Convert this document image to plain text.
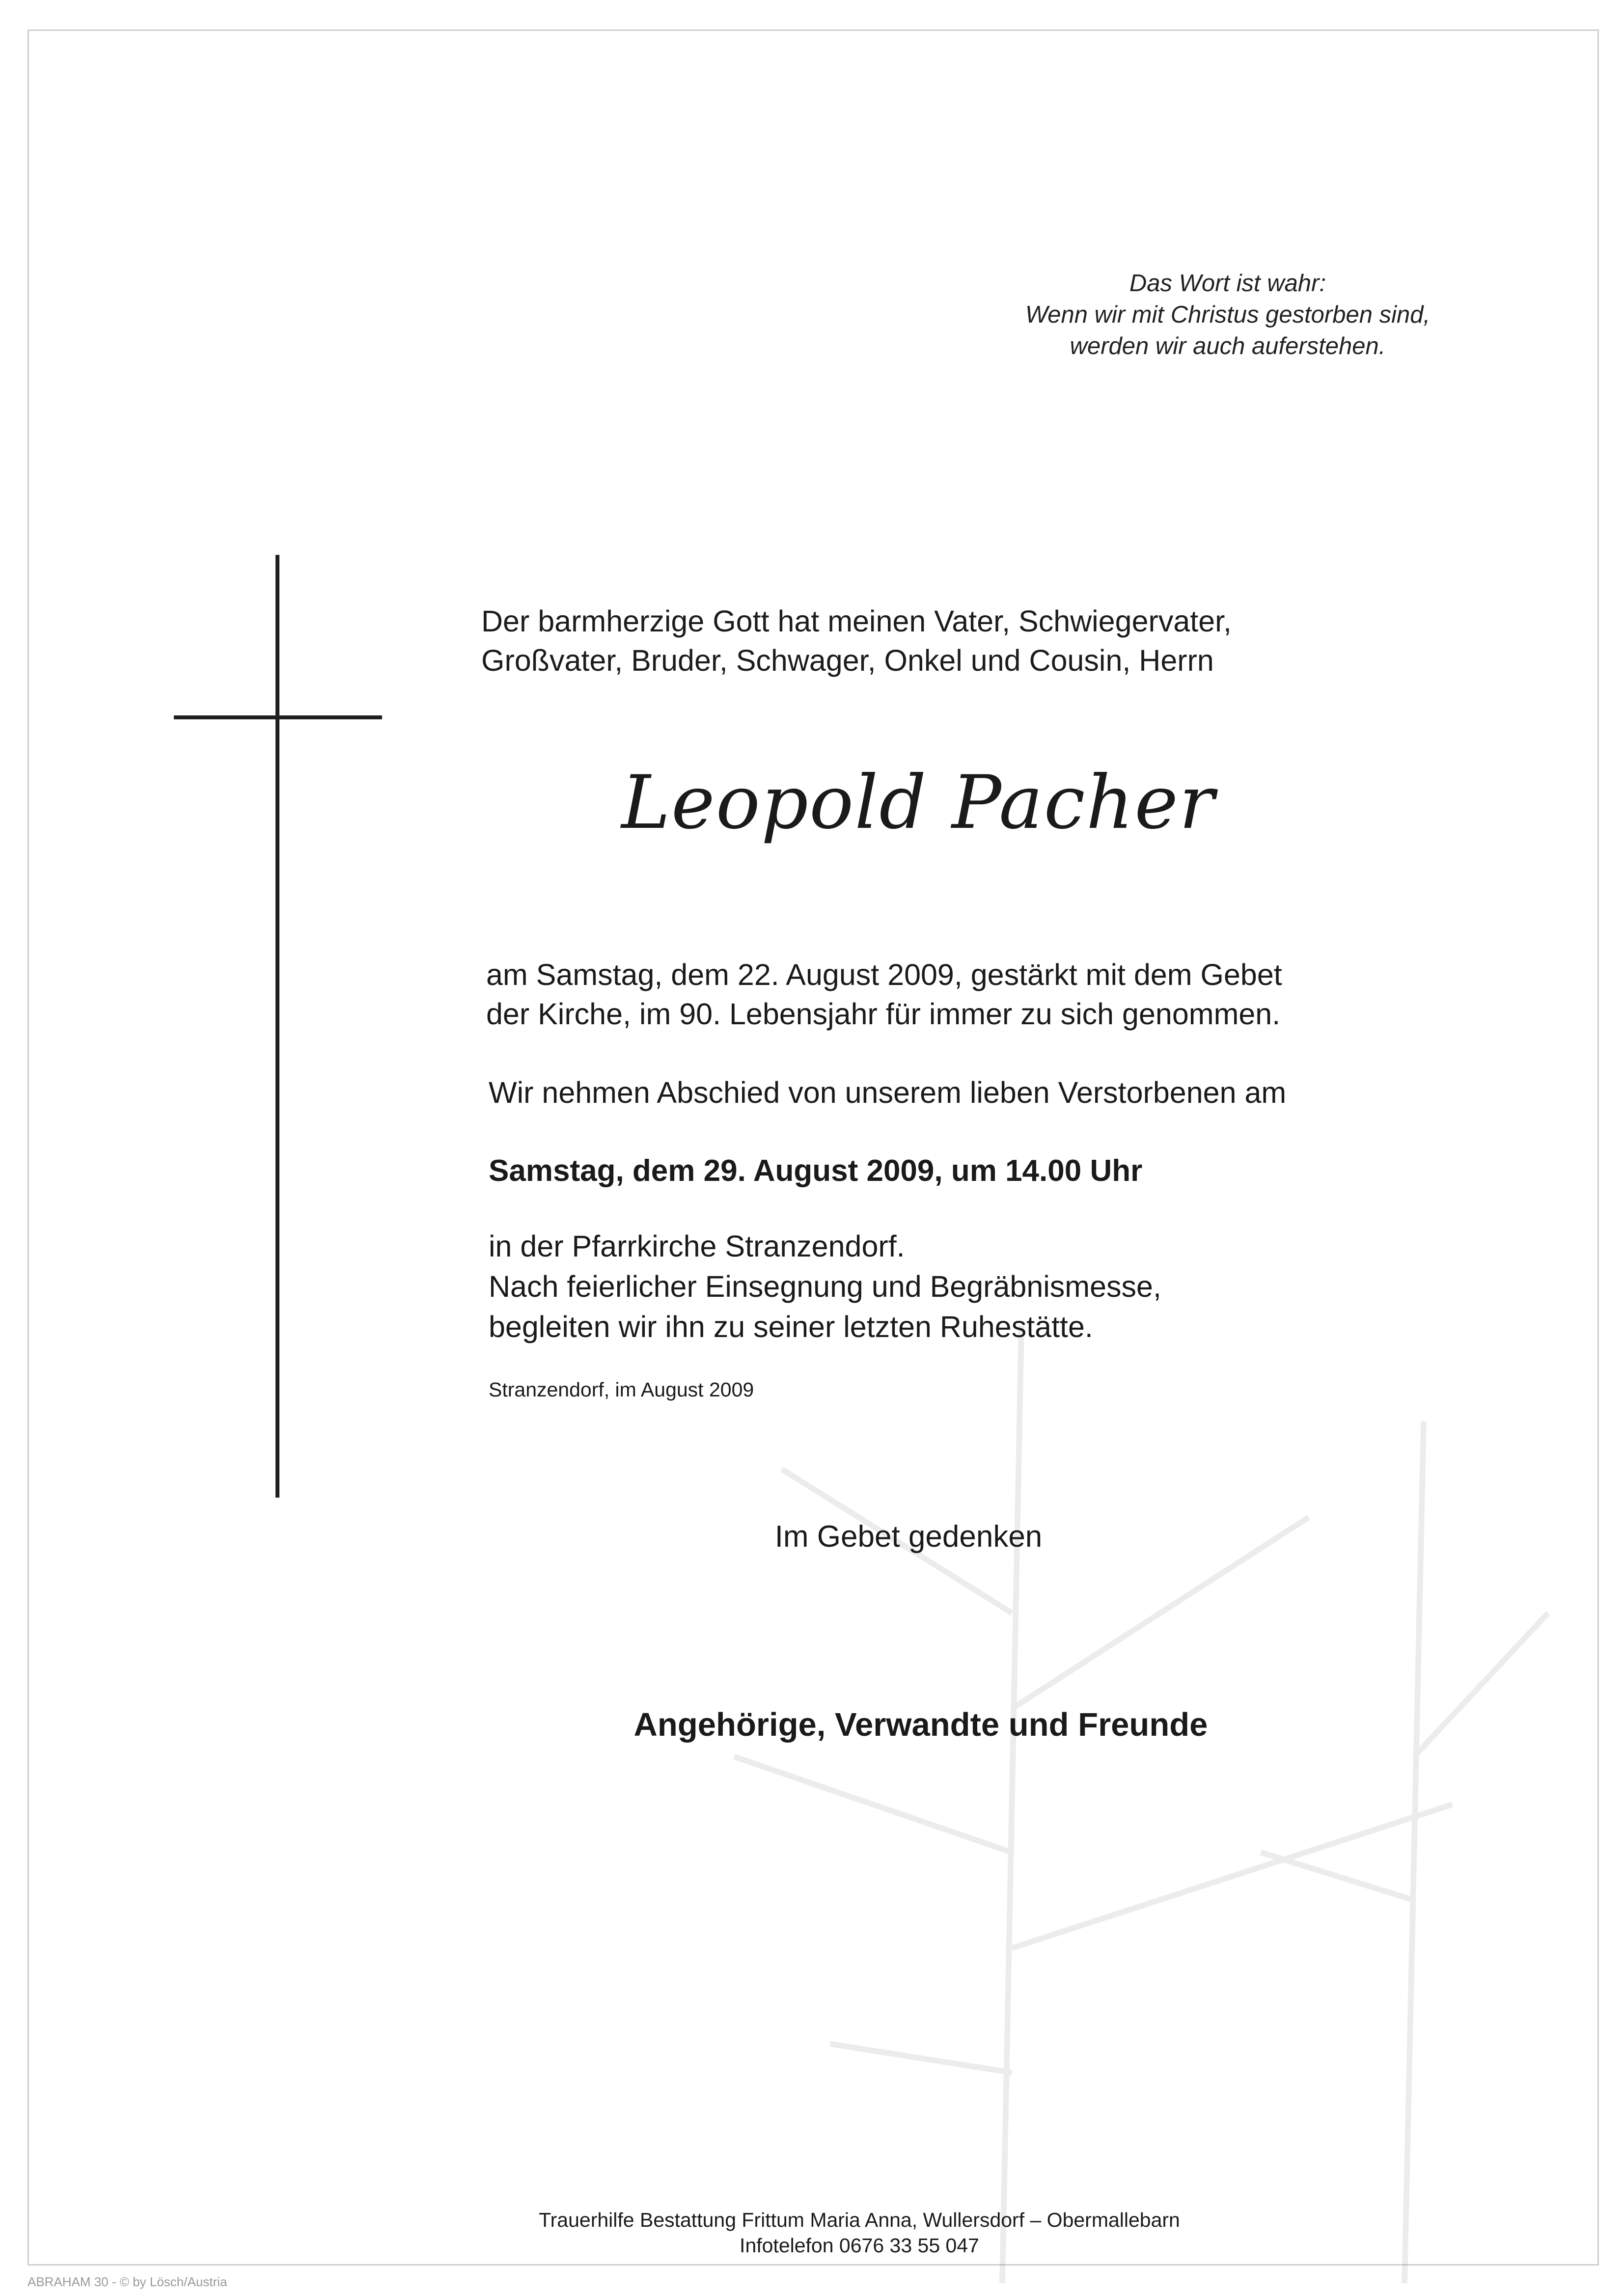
Das Wort ist wahr:
Wenn wir mit Christus gestorben sind,
werden wir auch auferstehen.
Der barmherzige Gott hat meinen Vater, Schwiegervater,
Großvater, Bruder, Schwager, Onkel und Cousin, Herrn
Leopold Pacher
am Samstag, dem 22. August 2009, gestärkt mit dem Gebet
der Kirche, im 90. Lebensjahr für immer zu sich genommen.
Wir nehmen Abschied von unserem lieben Verstorbenen am
Samstag, dem 29. August 2009, um 14.00 Uhr
in der Pfarrkirche Stranzendorf.
Nach feierlicher Einsegnung und Begräbnismesse,
begleiten wir ihn zu seiner letzten Ruhestätte.
Stranzendorf, im August 2009
Im Gebet gedenken
Angehörige, Verwandte und Freunde
Trauerhilfe Bestattung Frittum Maria Anna, Wullersdorf – Obermallebarn
Infotelefon 0676 33 55 047
ABRAHAM 30 - © by Lösch/Austria
